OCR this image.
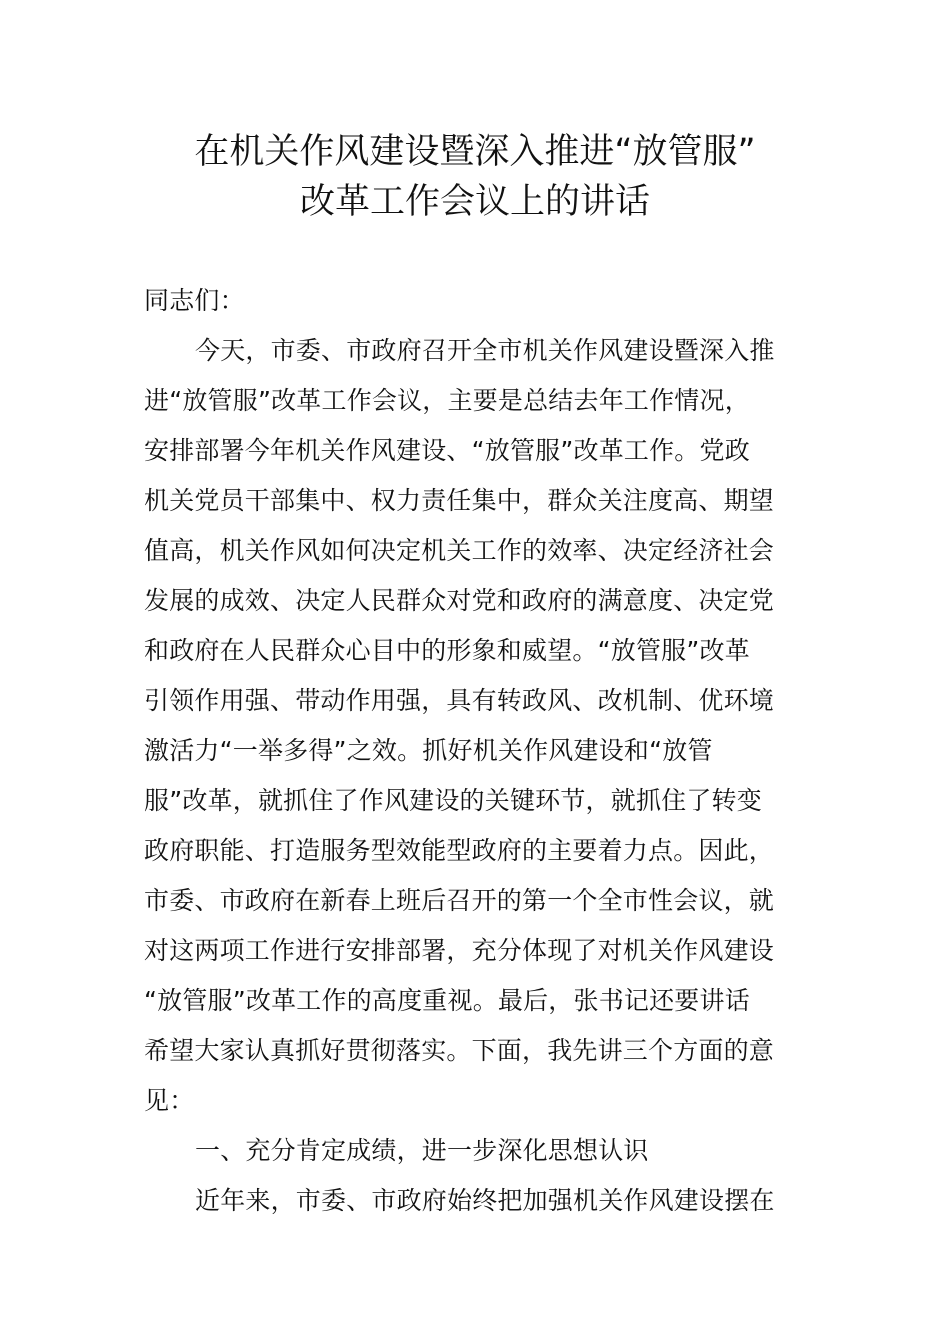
在机关作风建设暨深入推进“放管服”
改革工作会议上的讲话
同志们：
今天，市委、市政府召开全市机关作风建设暨深入推
进“放管服”改革工作会议，主要是总结去年工作情况，
安排部署今年机关作风建设、“放管服”改革工作。党政
机关党员干部集中、权力责任集中，群众关注度高、期望
值高，机关作风如何决定机关工作的效率、决定经济社会
发展的成效、决定人民群众对党和政府的满意度、决定党
和政府在人民群众心目中的形象和威望。“放管服”改革
引领作用强、带动作用强，具有转政风、改机制、优环境
激活力“一举多得”之效。抓好机关作风建设和“放管
服”改革，就抓住了作风建设的关键环节，就抓住了转变
政府职能、打造服务型效能型政府的主要着力点。因此，
市委、市政府在新春上班后召开的第一个全市性会议，就
对这两项工作进行安排部署，充分体现了对机关作风建设
“放管服”改革工作的高度重视。最后，张书记还要讲话
希望大家认真抓好贯彻落实。下面，我先讲三个方面的意
见：
一、充分肯定成绩，进一步深化思想认识
近年来，市委、市政府始终把加强机关作风建设摆在
